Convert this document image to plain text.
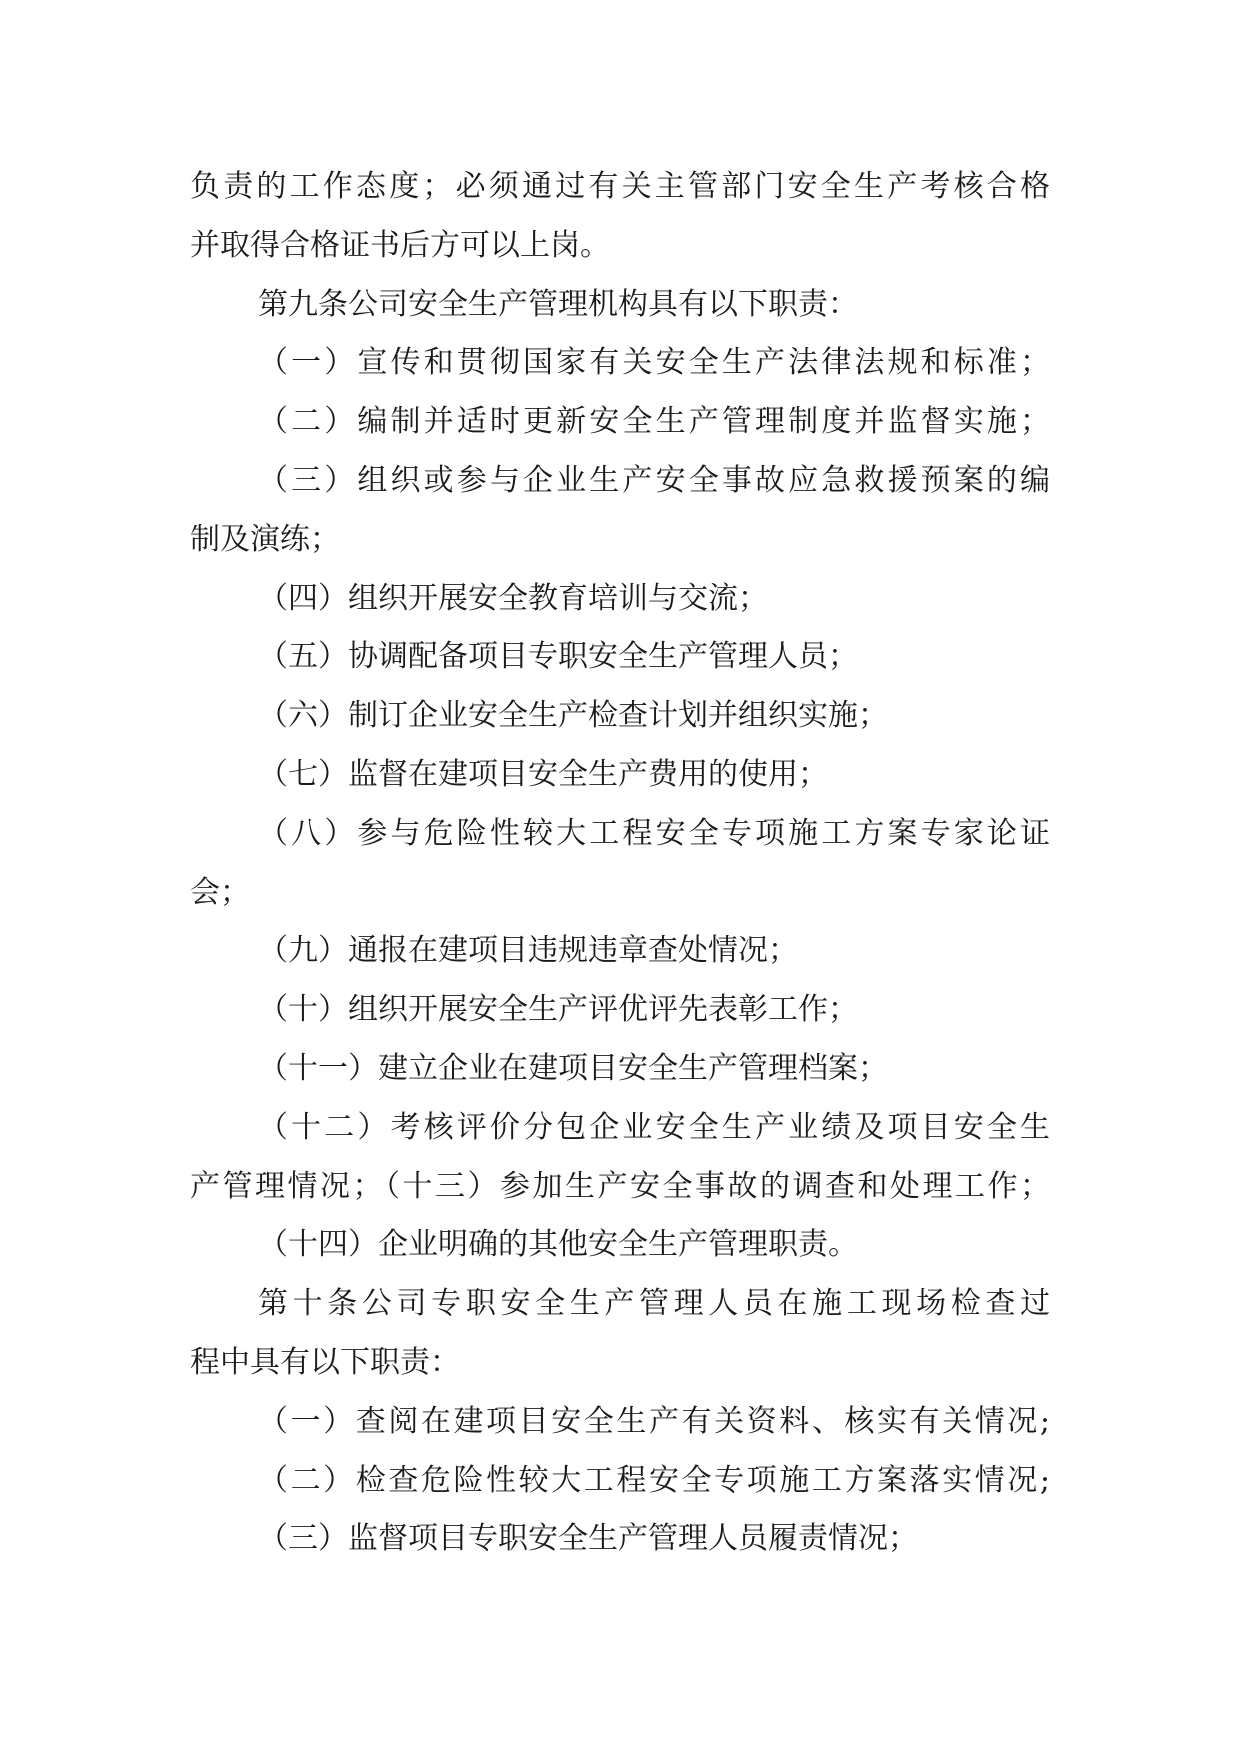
负责的工作态度；必须通过有关主管部门安全生产考核合格
并取得合格证书后方可以上岗。
第九条公司安全生产管理机构具有以下职责：
（一）宣传和贯彻国家有关安全生产法律法规和标准；
（二）编制并适时更新安全生产管理制度并监督实施；
（三）组织或参与企业生产安全事故应急救援预案的编
制及演练；
（四）组织开展安全教育培训与交流；
（五）协调配备项目专职安全生产管理人员；
（六）制订企业安全生产检查计划并组织实施；
（七）监督在建项目安全生产费用的使用；
（八）参与危险性较大工程安全专项施工方案专家论证
会；
（九）通报在建项目违规违章查处情况；
（十）组织开展安全生产评优评先表彰工作；
（十一）建立企业在建项目安全生产管理档案；
（十二）考核评价分包企业安全生产业绩及项目安全生
产管理情况；（十三）参加生产安全事故的调查和处理工作；
（十四）企业明确的其他安全生产管理职责。
第十条公司专职安全生产管理人员在施工现场检查过
程中具有以下职责：
（一）查阅在建项目安全生产有关资料、核实有关情况;
（二）检查危险性较大工程安全专项施工方案落实情况;
（三）监督项目专职安全生产管理人员履责情况；
